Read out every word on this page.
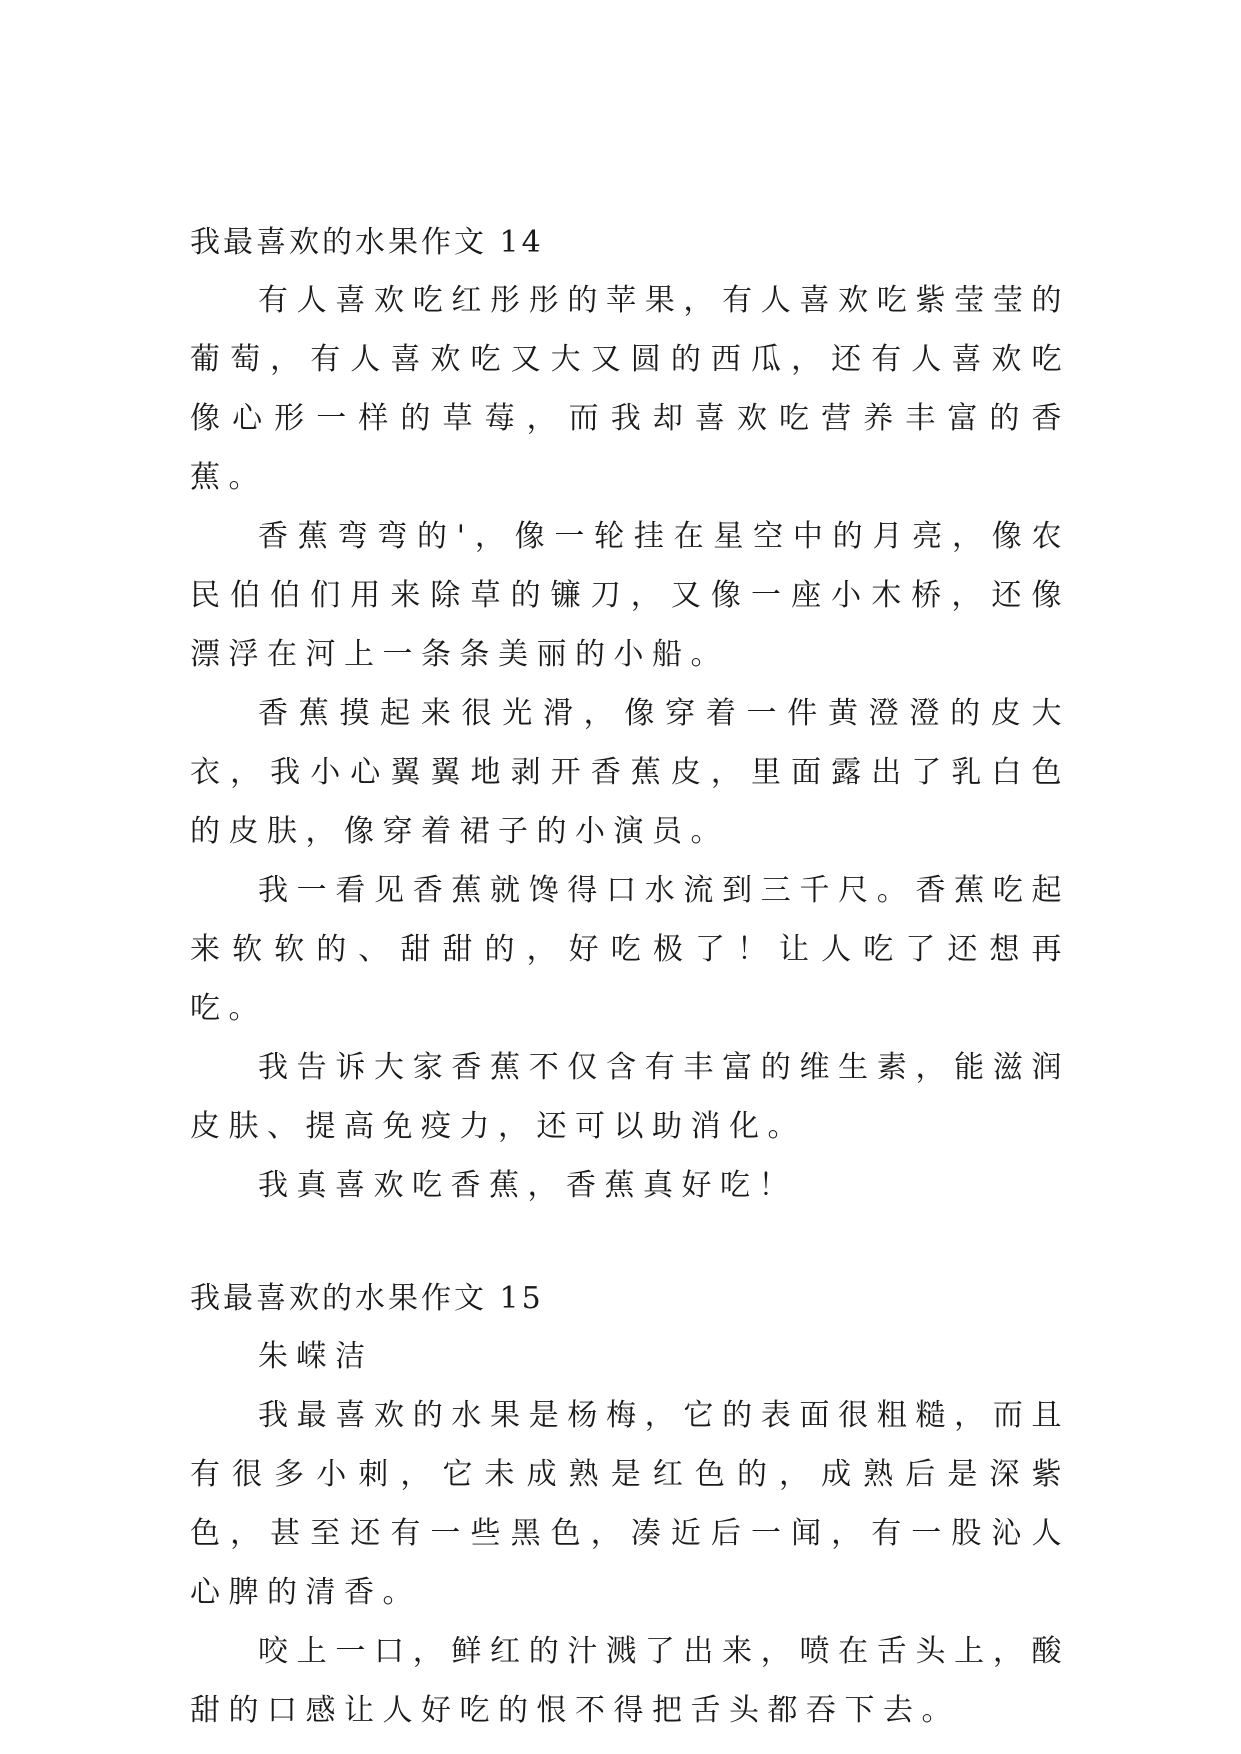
我最喜欢的水果作文 14

有人喜欢吃红彤彤的苹果，有人喜欢吃紫莹莹的葡萄，有人喜欢吃又大又圆的西瓜，还有人喜欢吃像心形一样的草莓，而我却喜欢吃营养丰富的香蕉。

香蕉弯弯的'，像一轮挂在星空中的月亮，像农民伯伯们用来除草的镰刀，又像一座小木桥，还像漂浮在河上一条条美丽的小船。

香蕉摸起来很光滑，像穿着一件黄澄澄的皮大衣，我小心翼翼地剥开香蕉皮，里面露出了乳白色的皮肤，像穿着裙子的小演员。

我一看见香蕉就馋得口水流到三千尺。香蕉吃起来软软的、甜甜的，好吃极了！让人吃了还想再吃。

我告诉大家香蕉不仅含有丰富的维生素，能滋润皮肤、提高免疫力，还可以助消化。

我真喜欢吃香蕉，香蕉真好吃！

我最喜欢的水果作文 15

朱嵘洁

我最喜欢的水果是杨梅，它的表面很粗糙，而且有很多小刺，它未成熟是红色的，成熟后是深紫色，甚至还有一些黑色，凑近后一闻，有一股沁人心脾的清香。

咬上一口，鲜红的汁溅了出来，喷在舌头上，酸甜的口感让人好吃的恨不得把舌头都吞下去。
